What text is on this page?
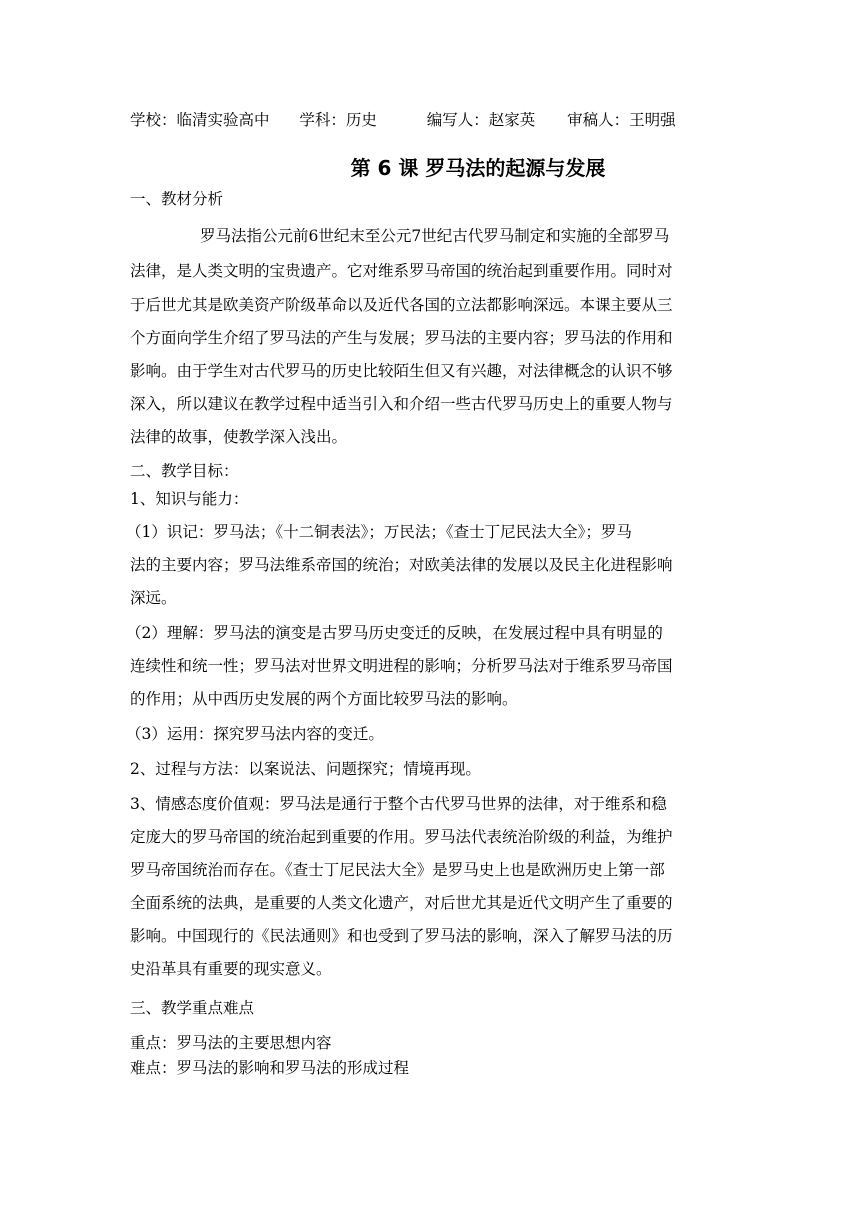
学校：临清实验高中 学科：历史	编写人：赵家英 审稿人：王明强
第 6 课 罗马法的起源与发展
一、教材分析
罗马法指公元前6世纪末至公元7世纪古代罗马制定和实施的全部罗马
法律，是人类文明的宝贵遗产。它对维系罗马帝国的统治起到重要作用。同时对
于后世尤其是欧美资产阶级革命以及近代各国的立法都影响深远。本课主要从三
个方面向学生介绍了罗马法的产生与发展；罗马法的主要内容；罗马法的作用和
影响。由于学生对古代罗马的历史比较陌生但又有兴趣，对法律概念的认识不够
深入，所以建议在教学过程中适当引入和介绍一些古代罗马历史上的重要人物与
法律的故事，使教学深入浅出。
二、教学目标：
1、知识与能力：
（1）识记：罗马法；《十二铜表法》；万民法；《查士丁尼民法大全》；罗马
法的主要内容；罗马法维系帝国的统治；对欧美法律的发展以及民主化进程影响
深远。
（2）理解：罗马法的演变是古罗马历史变迁的反映，在发展过程中具有明显的
连续性和统一性；罗马法对世界文明进程的影响；分析罗马法对于维系罗马帝国
的作用；从中西历史发展的两个方面比较罗马法的影响。
（3）运用：探究罗马法内容的变迁。
2、过程与方法：以案说法、问题探究；情境再现。
3、情感态度价值观：罗马法是通行于整个古代罗马世界的法律，对于维系和稳
定庞大的罗马帝国的统治起到重要的作用。罗马法代表统治阶级的利益，为维护
罗马帝国统治而存在。《查士丁尼民法大全》是罗马史上也是欧洲历史上第一部
全面系统的法典，是重要的人类文化遗产，对后世尤其是近代文明产生了重要的
影响。中国现行的《民法通则》和也受到了罗马法的影响，深入了解罗马法的历
史沿革具有重要的现实意义。
三、教学重点难点
重点：罗马法的主要思想内容
难点：罗马法的影响和罗马法的形成过程
